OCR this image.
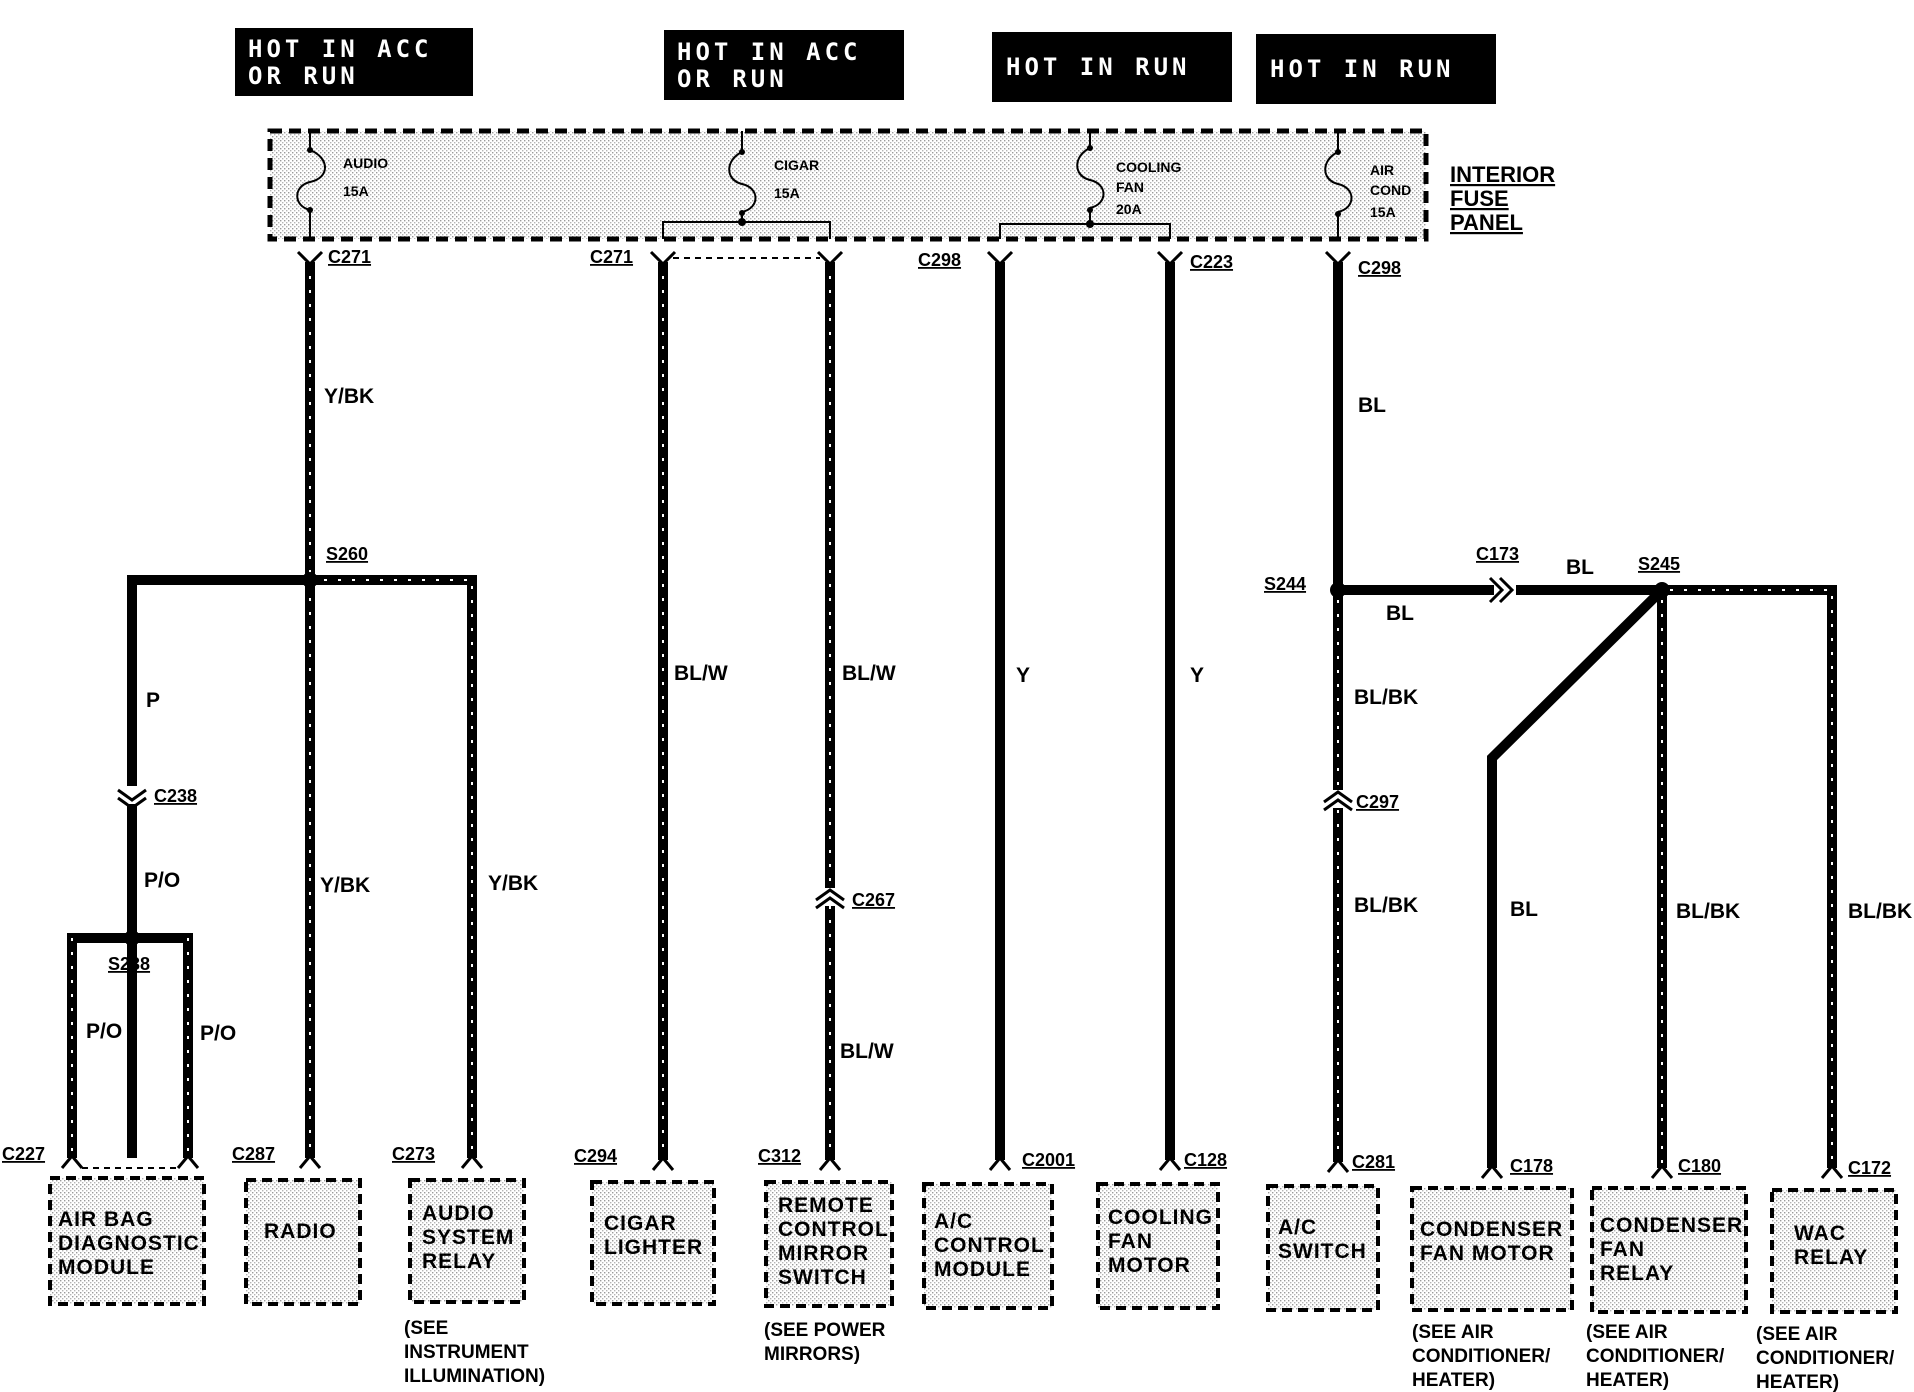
HOT IN ACC
OR RUN
HOT IN ACC
OR RUN	HOT IN RUN	HOT IN RUN
AUDIO
15A
CIGAR
15A
COOLING
FAN
20A
AIR
COND
15A
INTERIOR
FUSE
PANEL
C271	C271	C298	C223	C298
S260
C238
S238
C267
S244
C173	S245
C297
C227	C287	C273	C294	C312	C2001	C128	C281	C178	C180	C172
Y/BK
P
P/O
P/O	P/O
Y/BK	Y/BK
BL/W	BL/W
BL/W
Y	Y
BL
BL
BL
BL/BK
BL/BK	BL	BL/BK	BL/BK
AIR BAG
DIAGNOSTIC
MODULE
RADIO
AUDIO
SYSTEM
RELAY
(SEE
INSTRUMENT
ILLUMINATION)
CIGAR
LIGHTER
REMOTE
CONTROL
MIRROR
SWITCH
(SEE POWER
MIRRORS)
A/C
CONTROL
MODULE
COOLING
FAN
MOTOR
A/C
SWITCH
CONDENSER
FAN MOTOR
(SEE AIR
CONDITIONER/
HEATER)
CONDENSER
FAN
RELAY
(SEE AIR
CONDITIONER/
HEATER)
WAC
RELAY
(SEE AIR
CONDITIONER/
HEATER)
